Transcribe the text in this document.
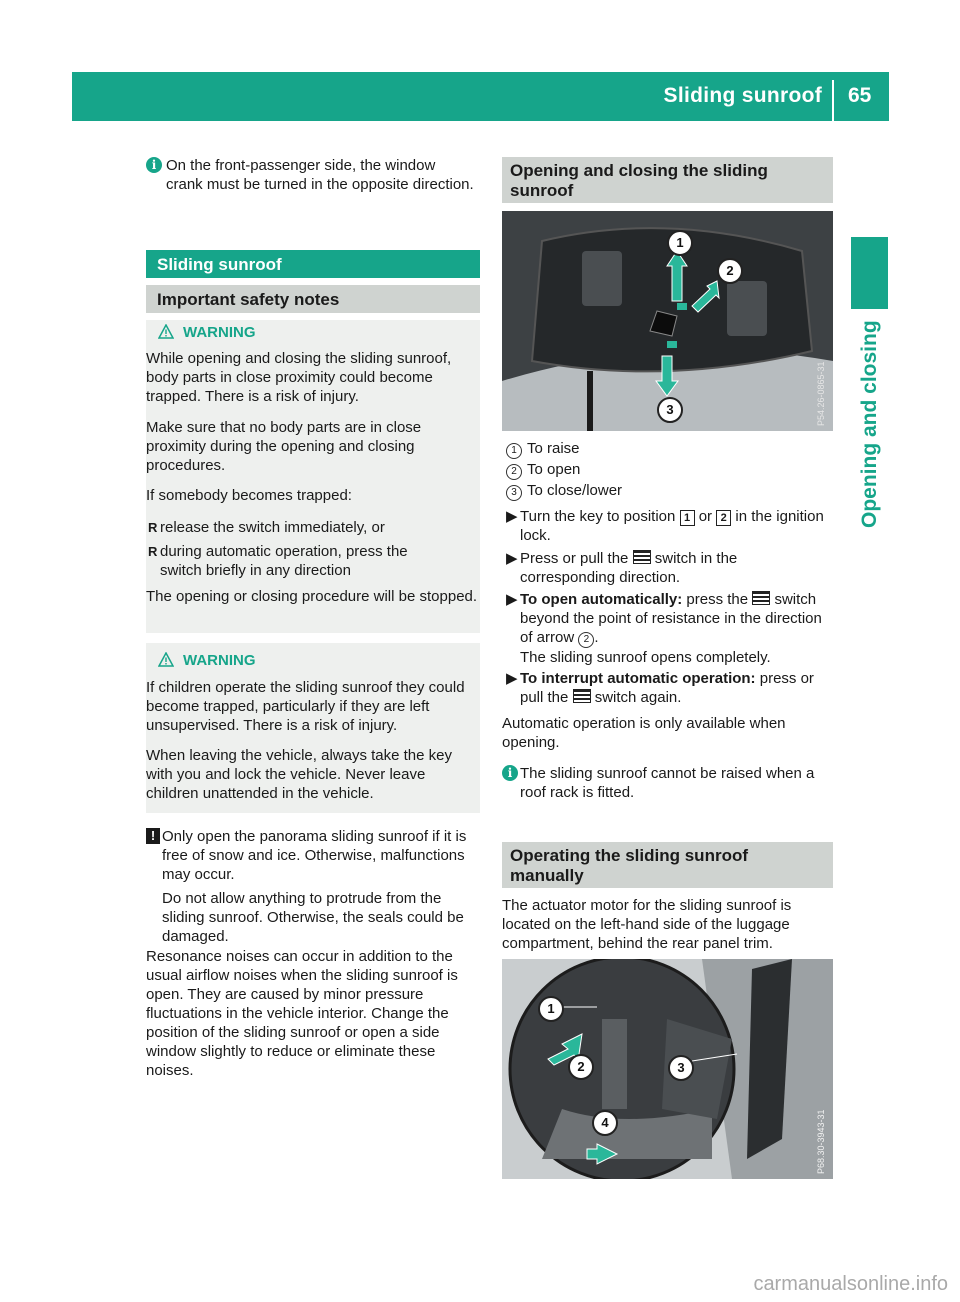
Sliding sunroof 65
Opening and closing
i On the front-passenger side, the window crank must be turned in the opposite direction.
Sliding sunroof
Important safety notes
WARNING
While opening and closing the sliding sunroof, body parts in close proximity could become trapped. There is a risk of injury.
Make sure that no body parts are in close proximity during the opening and closing procedures.
If somebody becomes trapped:
R release the switch immediately, or
R during automatic operation, press the switch briefly in any direction
The opening or closing procedure will be stopped.
WARNING
If children operate the sliding sunroof they could become trapped, particularly if they are left unsupervised. There is a risk of injury.
When leaving the vehicle, always take the key with you and lock the vehicle. Never leave children unattended in the vehicle.
! Only open the panorama sliding sunroof if it is free of snow and ice. Otherwise, malfunctions may occur.
Do not allow anything to protrude from the sliding sunroof. Otherwise, the seals could be damaged.
Resonance noises can occur in addition to the usual airflow noises when the sliding sunroof is open. They are caused by minor pressure fluctuations in the vehicle interior. Change the position of the sliding sunroof or open a side window slightly to reduce or eliminate these noises.
Opening and closing the sliding sunroof
1
2
3	P54.26-0865-31
1 To raise
2 To open
3 To close/lower
▶ Turn the key to position 1 or 2 in the ignition lock.
▶ Press or pull the switch in the corresponding direction.
▶ To open automatically: press the switch beyond the point of resistance in the direction of arrow 2 .
The sliding sunroof opens completely.
▶ To interrupt automatic operation: press or pull the switch again.
Automatic operation is only available when opening.
i The sliding sunroof cannot be raised when a roof rack is fitted.
Operating the sliding sunroof manually
The actuator motor for the sliding sunroof is located on the left-hand side of the luggage compartment, behind the rear panel trim.
1
2	3
4	P68.30-3943-31
carmanualsonline.info
